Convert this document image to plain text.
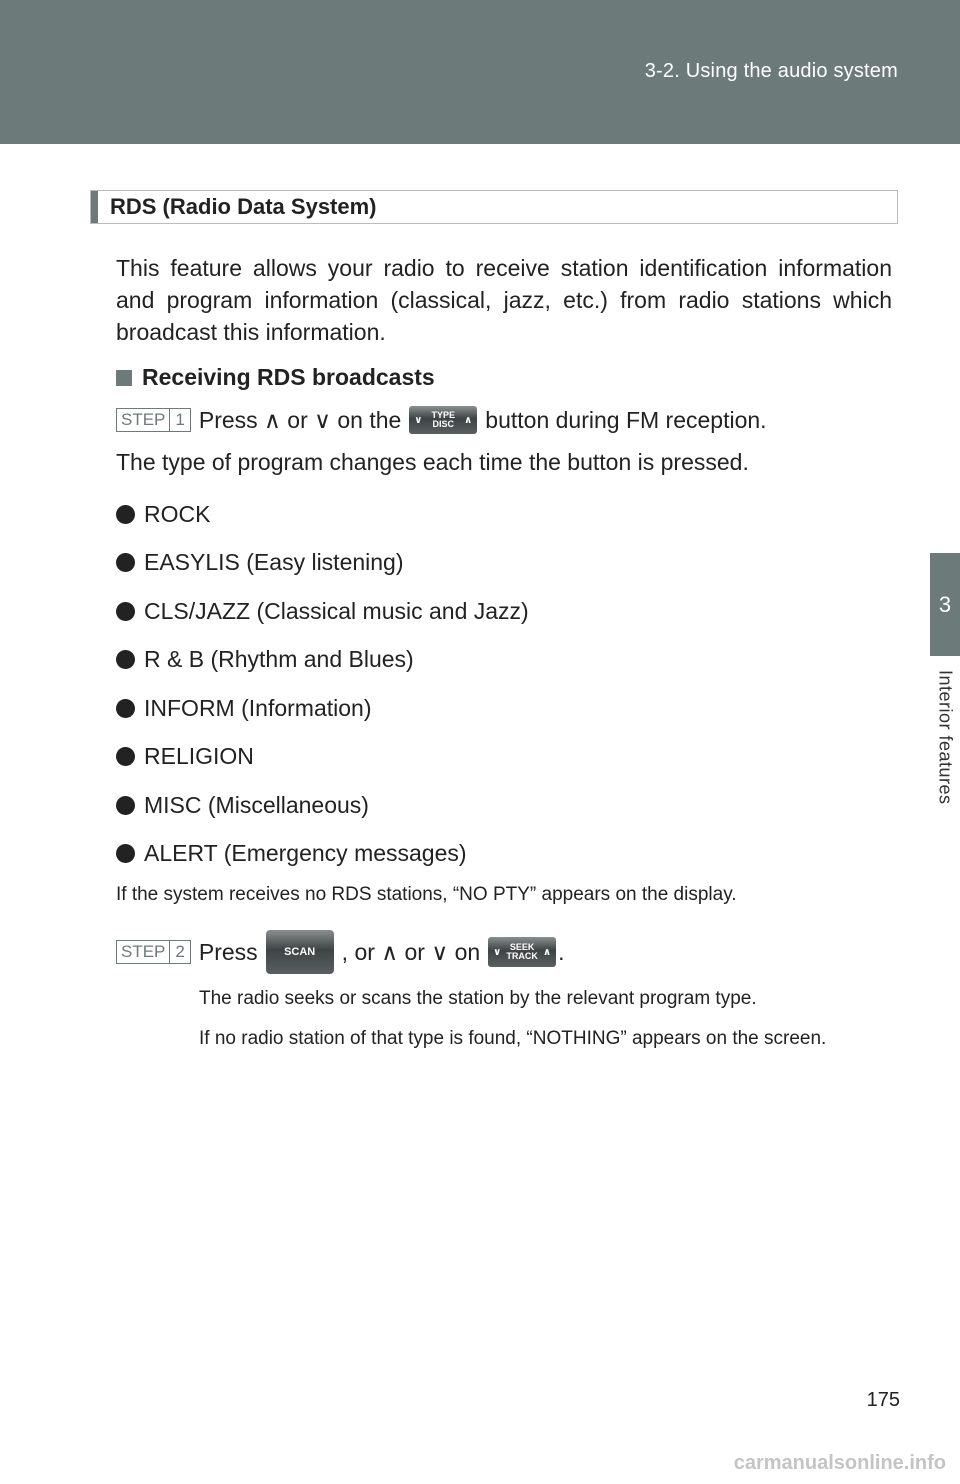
3-2. Using the audio system
3
Interior features
RDS (Radio Data System)
This feature allows your radio to receive station identification information and program information (classical, jazz, etc.) from radio stations which broadcast this information.
Receiving RDS broadcasts
STEP 1 Press ∧ or ∨ on the ∨	TYPE
DISC	∧ button during FM reception.
The type of program changes each time the button is pressed.
ROCK
EASYLIS (Easy listening)
CLS/JAZZ (Classical music and Jazz)
R & B (Rhythm and Blues)
INFORM (Information)
RELIGION
MISC (Miscellaneous)
ALERT (Emergency messages)
If the system receives no RDS stations, “NO PTY” appears on the display.
STEP 2 Press	SCAN	, or ∧ or ∨ on ∨ SEEK
TRACK ∧ .
The radio seeks or scans the station by the relevant program type.
If no radio station of that type is found, “NOTHING” appears on the screen.
175
carmanualsonline.info
